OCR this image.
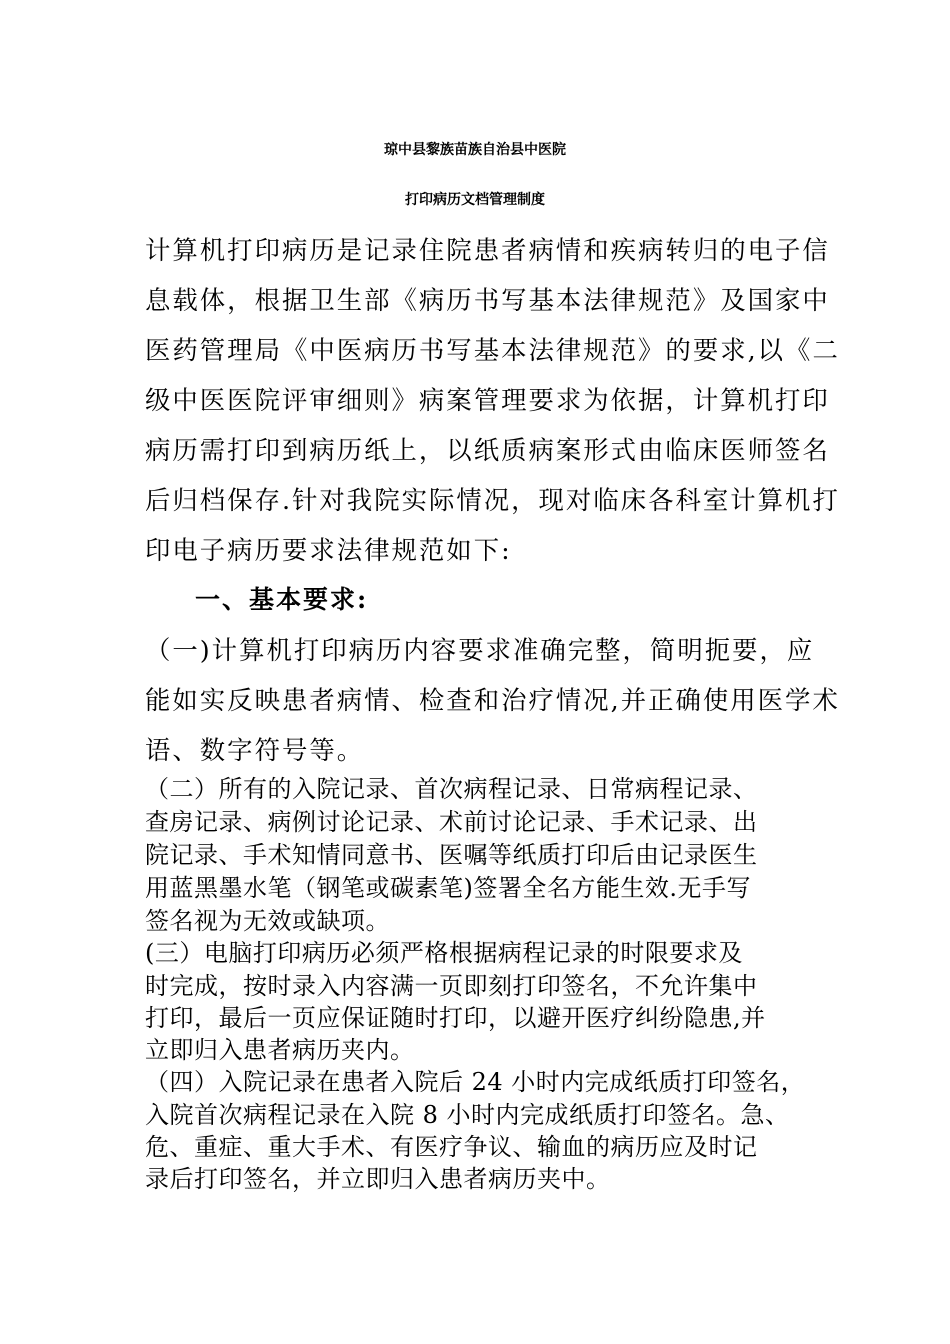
琼中县黎族苗族自治县中医院
打印病历文档管理制度
计算机打印病历是记录住院患者病情和疾病转归的电子信
息载体，根据卫生部《病历书写基本法律规范》及国家中
医药管理局《中医病历书写基本法律规范》的要求,以《二
级中医医院评审细则》病案管理要求为依据，计算机打印
病历需打印到病历纸上，以纸质病案形式由临床医师签名
后归档保存.针对我院实际情况，现对临床各科室计算机打
印电子病历要求法律规范如下:
一、基本要求:
（一)计算机打印病历内容要求准确完整，简明扼要，应
能如实反映患者病情、检查和治疗情况,并正确使用医学术
语、数字符号等。
（二）所有的入院记录、首次病程记录、日常病程记录、
查房记录、病例讨论记录、术前讨论记录、手术记录、出
院记录、手术知情同意书、医嘱等纸质打印后由记录医生
用蓝黑墨水笔（钢笔或碳素笔)签署全名方能生效.无手写
签名视为无效或缺项。
(三）电脑打印病历必须严格根据病程记录的时限要求及
时完成，按时录入内容满一页即刻打印签名，不允许集中
打印，最后一页应保证随时打印，以避开医疗纠纷隐患,并
立即归入患者病历夹内。
（四）入院记录在患者入院后 24 小时内完成纸质打印签名，
入院首次病程记录在入院 8 小时内完成纸质打印签名。急、
危、重症、重大手术、有医疗争议、输血的病历应及时记
录后打印签名，并立即归入患者病历夹中。
